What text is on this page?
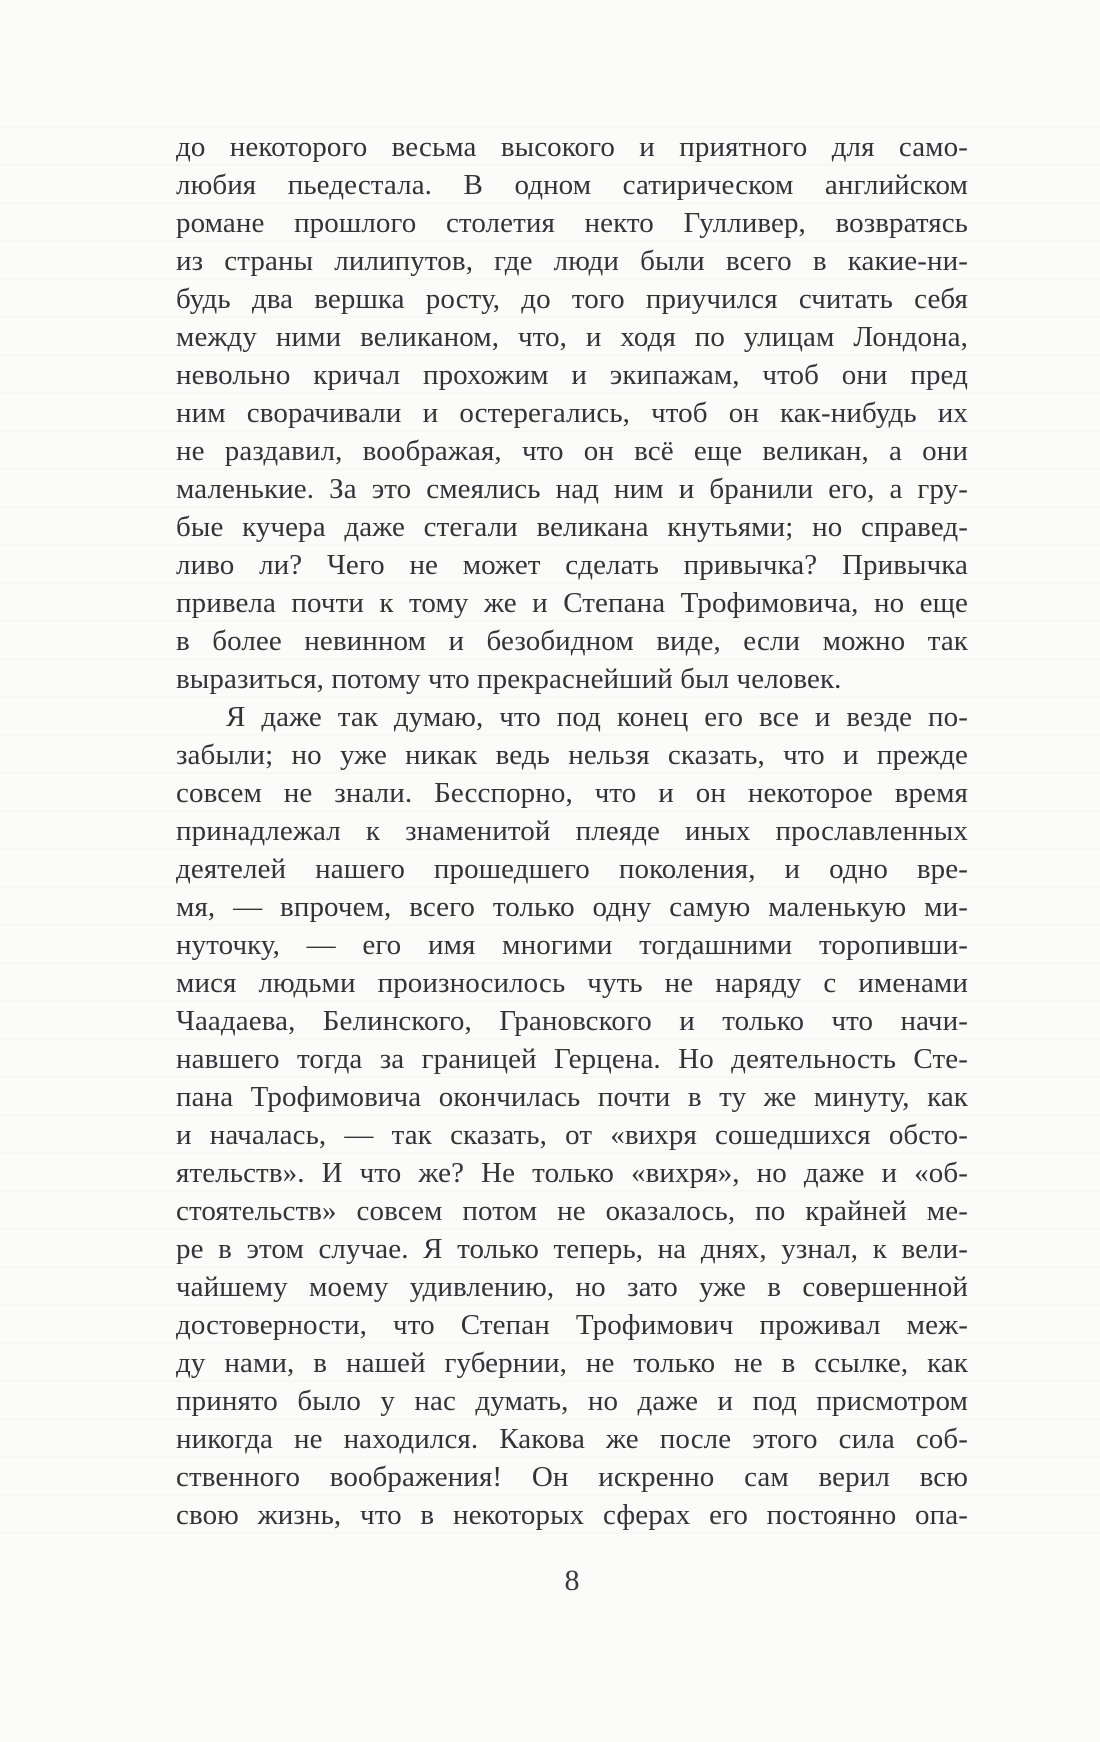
до некоторого весьма высокого и приятного для само-
любия пьедестала. В одном сатирическом английском
романе прошлого столетия некто Гулливер, возвратясь
из страны лилипутов, где люди были всего в какие-ни-
будь два вершка росту, до того приучился считать себя
между ними великаном, что, и ходя по улицам Лондона,
невольно кричал прохожим и экипажам, чтоб они пред
ним сворачивали и остерегались, чтоб он как-нибудь их
не раздавил, воображая, что он всё еще великан, а они
маленькие. За это смеялись над ним и бранили его, а гру-
бые кучера даже стегали великана кнутьями; но справед-
ливо ли? Чего не может сделать привычка? Привычка
привела почти к тому же и Степана Трофимовича, но еще
в более невинном и безобидном виде, если можно так
выразиться, потому что прекраснейший был человек.
Я даже так думаю, что под конец его все и везде по-
забыли; но уже никак ведь нельзя сказать, что и прежде
совсем не знали. Бесспорно, что и он некоторое время
принадлежал к знаменитой плеяде иных прославленных
деятелей нашего прошедшего поколения, и одно вре-
мя, — впрочем, всего только одну самую маленькую ми-
нуточку, — его имя многими тогдашними торопивши-
мися людьми произносилось чуть не наряду с именами
Чаадаева, Белинского, Грановского и только что начи-
навшего тогда за границей Герцена. Но деятельность Сте-
пана Трофимовича окончилась почти в ту же минуту, как
и началась, — так сказать, от «вихря сошедшихся обсто-
ятельств». И что же? Не только «вихря», но даже и «об-
стоятельств» совсем потом не оказалось, по крайней ме-
ре в этом случае. Я только теперь, на днях, узнал, к вели-
чайшему моему удивлению, но зато уже в совершенной
достоверности, что Степан Трофимович проживал меж-
ду нами, в нашей губернии, не только не в ссылке, как
принято было у нас думать, но даже и под присмотром
никогда не находился. Какова же после этого сила соб-
ственного воображения! Он искренно сам верил всю
свою жизнь, что в некоторых сферах его постоянно опа-
8
